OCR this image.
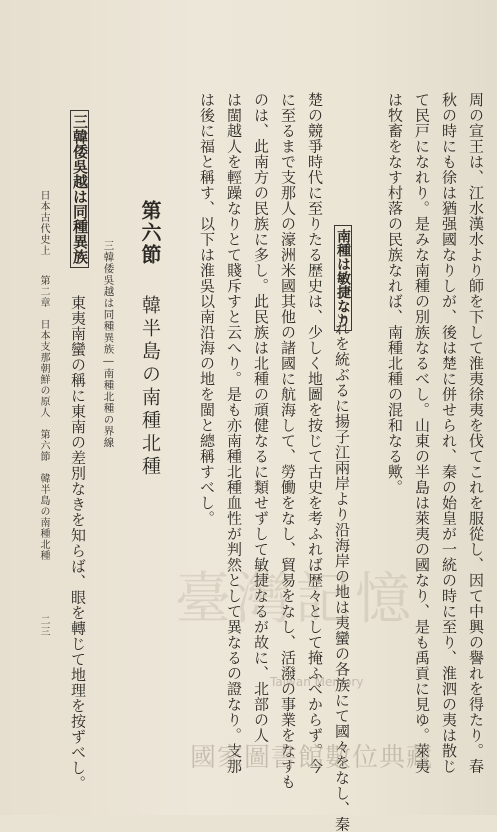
周の宣王は、江水漢水より師を下して淮夷徐夷を伐てこれを服從し、因て中興の譽れを得たり。春
秋の時にも徐は猶强國なりしが、後は楚に併せられ、秦の始皇が一統の時に至り、淮泗の夷は散じ
て民戸になれり。是みな南種の別族なるべし。山東の半島は萊夷の國なり、是も禹貢に見ゆ。萊夷
は牧畜をなす村落の民族なれば、南種北種の混和なる歟。
南種は敏捷なり
これを統ぶるに揚子江兩岸より沿海岸の地は夷蠻の各族にて國々をなし、秦
楚の競爭時代に至りたる歴史は、少しく地圖を按じて古史を考ふれば歴々として掩ふべからず。今
に至るまで支那人の濠洲米國其他の諸國に航海して、勞働をなし、貿易をなし、活潑の事業をなすも
のは、此南方の民族に多し。此民族は北種の頑健なるに類せずして敏捷なるが故に、北部の人
は閩越人を輕躁なりとて賤斥すと云へり。是も亦南種北種血性が判然として異なるの證なり。支那
は後に福と稱す、以下は淮吳以南沿海の地を閩と總稱すべし。
第六節
韓半島の南種北種
三韓倭吳越は同種異族―南種北種の界線
三韓倭吳越は同種異族
東夷南蠻の稱に東南の差別なきを知らば、眼を轉じて地理を按ずべし。
日本古代史上
第二章　日本支那朝鮮の原人　第六節　韓半島の南種北種
二三 臺灣記憶
Taiwan Memory
國家圖書館數位典藏
